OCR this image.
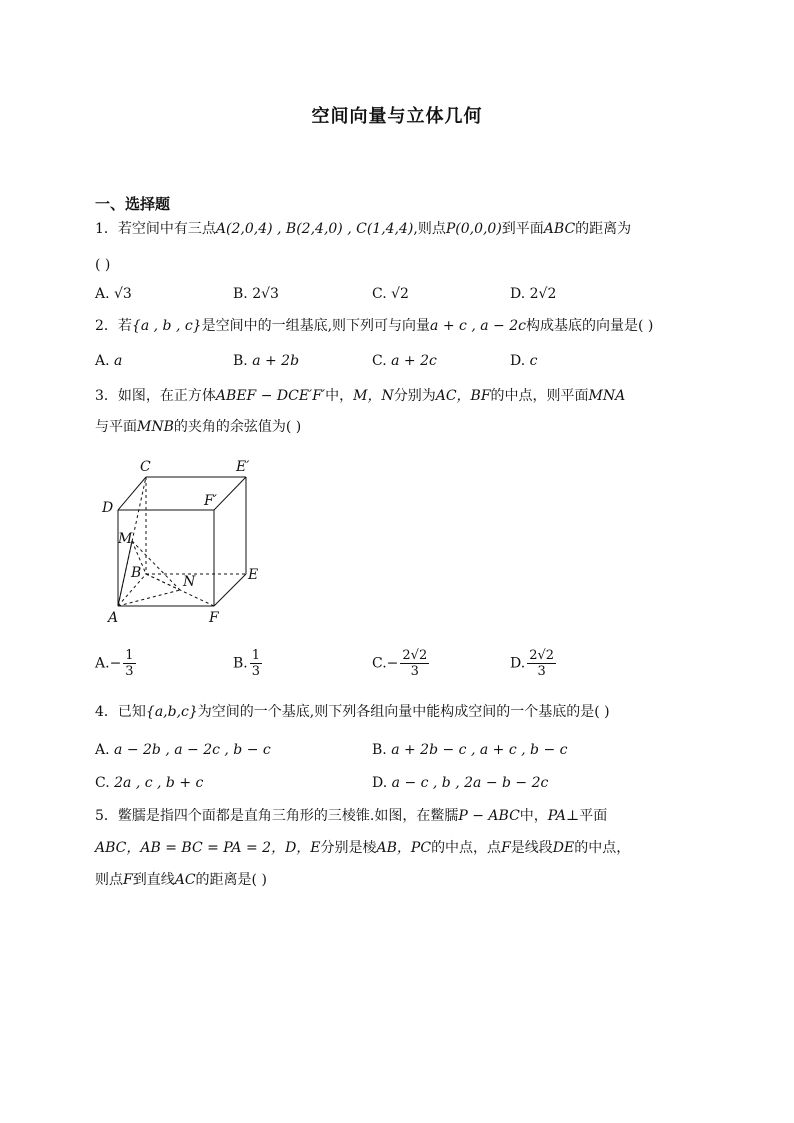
空间向量与立体几何
一、选择题
1．若空间中有三点A(2,0,4) , B(2,4,0) , C(1,4,4),则点P(0,0,0)到平面ABC的距离为
( )
A. √3	B. 2√3	C. √2	D. 2√2
2．若{a , b , c}是空间中的一组基底,则下列可与向量a + c , a − 2c构成基底的向量是( )
A. a	B. a + 2b	C. a + 2c	D. c
3．如图，在正方体ABEF − DCE′F′中，M，N分别为AC，BF的中点，则平面MNA
与平面MNB的夹角的余弦值为( )
C	E′
D	F′
M
B
N	E
A	F
$A.- \frac{1}{3}$	B. $\frac{1}{3}$	$C.- \frac{2√2}{3}$	D. $\frac{2√2}{3}$
4．已知{a,b,c}为空间的一个基底,则下列各组向量中能构成空间的一个基底的是( )
A. a − 2b , a − 2c , b − c	B. a + 2b − c , a + c , b − c
C. 2a , c , b + c	D. a − c , b , 2a − b − 2c
5．鳖臑是指四个面都是直角三角形的三棱锥.如图，在鳖臑P − ABC中，PA⊥平面
ABC，AB = BC = PA = 2，D，E分别是棱AB，PC的中点，点F是线段DE的中点，
则点F到直线AC的距离是( )
